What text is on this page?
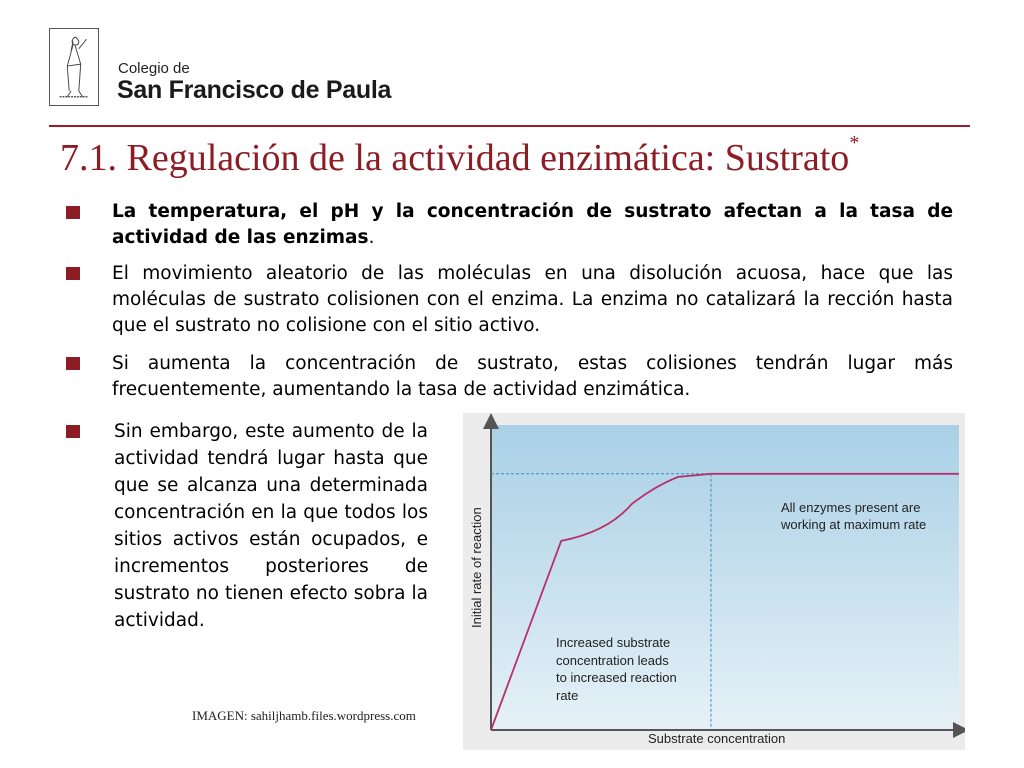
Colegio de
San Francisco de Paula
7.1. Regulación de la actividad enzimática: Sustrato*
La temperatura, el pH y la concentración de sustrato afectan a la tasa de actividad de las enzimas.
El movimiento aleatorio de las moléculas en una disolución acuosa, hace que las moléculas de sustrato colisionen con el enzima. La enzima no catalizará la rección hasta que el sustrato no colisione con el sitio activo.
Si aumenta la concentración de sustrato, estas colisiones tendrán lugar más frecuentemente, aumentando la tasa de actividad enzimática.
Sin embargo, este aumento de la actividad tendrá lugar hasta que que se alcanza una determinada concentración en la que todos los sitios activos están ocupados, e incrementos posteriores de sustrato no tienen efecto sobra la actividad.
IMAGEN: sahiljhamb.files.wordpress.com
Substrate concentration
Initial rate of reaction	All enzymes present are working at maximum rate
Increased substrate concentration leads to increased reaction rate
